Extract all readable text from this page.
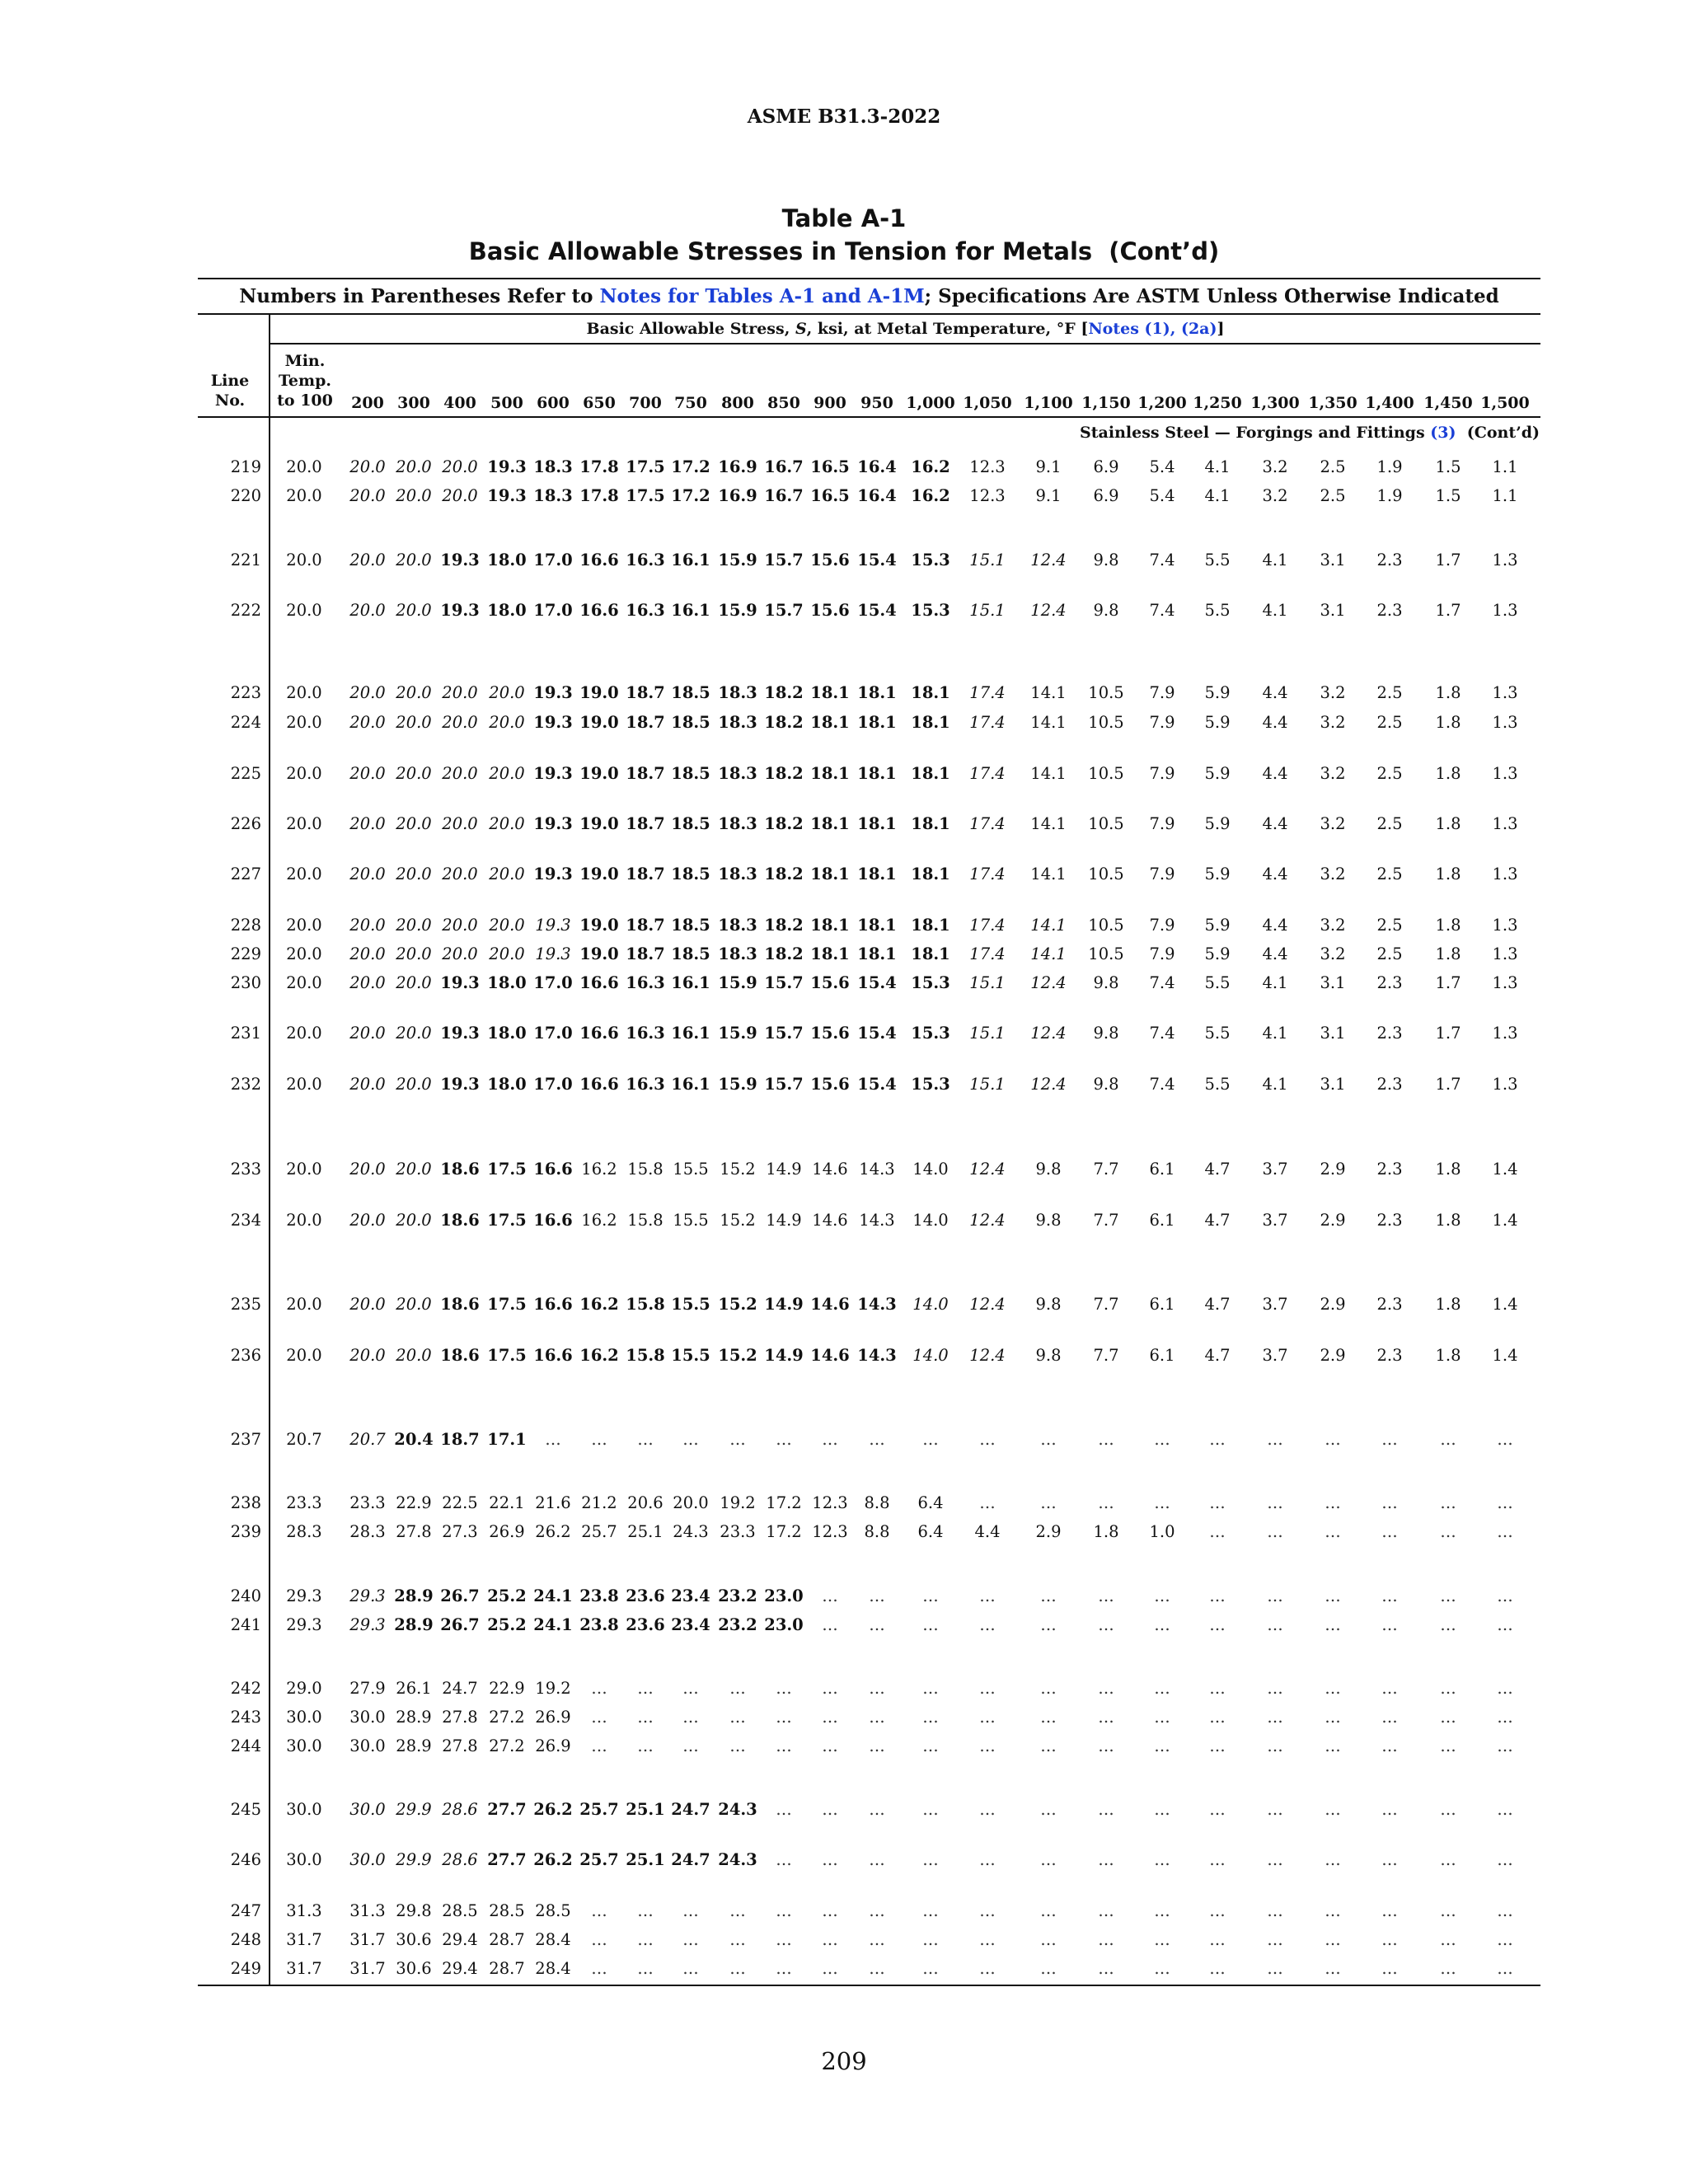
ASME B31.3-2022
Table A-1
Basic Allowable Stresses in Tension for Metals (Cont’d)
Numbers in Parentheses Refer to Notes for Tables A-1 and A-1M; Specifications Are ASTM Unless Otherwise Indicated
Basic Allowable Stress, S, ksi, at Metal Temperature, °F [Notes (1), (2a)]
Line
No.
Min.
Temp.
to 100	200 300 400 500 600 650 700 750 800 850 900 950 1,000 1,050 1,100 1,150 1,200 1,250 1,300 1,350 1,400 1,450 1,500
Stainless Steel — Forgings and Fittings (3) (Cont’d)
219 20.0 20.0 20.0 20.0 19.3 18.3 17.8 17.5 17.2 16.9 16.7 16.5 16.4 16.2 12.3 9.1 6.9 5.4 4.1 3.2 2.5 1.9 1.5 1.1
220 20.0 20.0 20.0 20.0 19.3 18.3 17.8 17.5 17.2 16.9 16.7 16.5 16.4 16.2 12.3 9.1 6.9 5.4 4.1 3.2 2.5 1.9 1.5 1.1
221 20.0 20.0 20.0 19.3 18.0 17.0 16.6 16.3 16.1 15.9 15.7 15.6 15.4 15.3 15.1 12.4 9.8 7.4 5.5 4.1 3.1 2.3 1.7 1.3
222 20.0 20.0 20.0 19.3 18.0 17.0 16.6 16.3 16.1 15.9 15.7 15.6 15.4 15.3 15.1 12.4 9.8 7.4 5.5 4.1 3.1 2.3 1.7 1.3
223 20.0 20.0 20.0 20.0 20.0 19.3 19.0 18.7 18.5 18.3 18.2 18.1 18.1 18.1 17.4 14.1 10.5 7.9 5.9 4.4 3.2 2.5 1.8 1.3
224 20.0 20.0 20.0 20.0 20.0 19.3 19.0 18.7 18.5 18.3 18.2 18.1 18.1 18.1 17.4 14.1 10.5 7.9 5.9 4.4 3.2 2.5 1.8 1.3
225 20.0 20.0 20.0 20.0 20.0 19.3 19.0 18.7 18.5 18.3 18.2 18.1 18.1 18.1 17.4 14.1 10.5 7.9 5.9 4.4 3.2 2.5 1.8 1.3
226 20.0 20.0 20.0 20.0 20.0 19.3 19.0 18.7 18.5 18.3 18.2 18.1 18.1 18.1 17.4 14.1 10.5 7.9 5.9 4.4 3.2 2.5 1.8 1.3
227 20.0 20.0 20.0 20.0 20.0 19.3 19.0 18.7 18.5 18.3 18.2 18.1 18.1 18.1 17.4 14.1 10.5 7.9 5.9 4.4 3.2 2.5 1.8 1.3
228 20.0 20.0 20.0 20.0 20.0 19.3 19.0 18.7 18.5 18.3 18.2 18.1 18.1 18.1 17.4 14.1 10.5 7.9 5.9 4.4 3.2 2.5 1.8 1.3
229 20.0 20.0 20.0 20.0 20.0 19.3 19.0 18.7 18.5 18.3 18.2 18.1 18.1 18.1 17.4 14.1 10.5 7.9 5.9 4.4 3.2 2.5 1.8 1.3
230 20.0 20.0 20.0 19.3 18.0 17.0 16.6 16.3 16.1 15.9 15.7 15.6 15.4 15.3 15.1 12.4 9.8 7.4 5.5 4.1 3.1 2.3 1.7 1.3
231 20.0 20.0 20.0 19.3 18.0 17.0 16.6 16.3 16.1 15.9 15.7 15.6 15.4 15.3 15.1 12.4 9.8 7.4 5.5 4.1 3.1 2.3 1.7 1.3
232 20.0 20.0 20.0 19.3 18.0 17.0 16.6 16.3 16.1 15.9 15.7 15.6 15.4 15.3 15.1 12.4 9.8 7.4 5.5 4.1 3.1 2.3 1.7 1.3
233 20.0 20.0 20.0 18.6 17.5 16.6 16.2 15.8 15.5 15.2 14.9 14.6 14.3 14.0 12.4 9.8 7.7 6.1 4.7 3.7 2.9 2.3 1.8 1.4
234 20.0 20.0 20.0 18.6 17.5 16.6 16.2 15.8 15.5 15.2 14.9 14.6 14.3 14.0 12.4 9.8 7.7 6.1 4.7 3.7 2.9 2.3 1.8 1.4
235 20.0 20.0 20.0 18.6 17.5 16.6 16.2 15.8 15.5 15.2 14.9 14.6 14.3 14.0 12.4 9.8 7.7 6.1 4.7 3.7 2.9 2.3 1.8 1.4
236 20.0 20.0 20.0 18.6 17.5 16.6 16.2 15.8 15.5 15.2 14.9 14.6 14.3 14.0 12.4 9.8 7.7 6.1 4.7 3.7 2.9 2.3 1.8 1.4
237 20.7 20.7 20.4 18.7 17.1 … … … … … … … … …	…	…	… … …	…	…	…	…	…
238 23.3 23.3 22.9 22.5 22.1 21.6 21.2 20.6 20.0 19.2 17.2 12.3 8.8 6.4 …	…	… … …	…	…	…	…	…
239 28.3 28.3 27.8 27.3 26.9 26.2 25.7 25.1 24.3 23.3 17.2 12.3 8.8 6.4 4.4 2.9 1.8 1.0 …	…	…	…	…	…
240 29.3 29.3 28.9 26.7 25.2 24.1 23.8 23.6 23.4 23.2 23.0 … … …	…	…	… … …	…	…	…	…	…
241 29.3 29.3 28.9 26.7 25.2 24.1 23.8 23.6 23.4 23.2 23.0 … … …	…	…	… … …	…	…	…	…	…
242 29.0 27.9 26.1 24.7 22.9 19.2 … … … … … … … …	…	…	… … …	…	…	…	…	…
243 30.0 30.0 28.9 27.8 27.2 26.9 … … … … … … … …	…	…	… … …	…	…	…	…	…
244 30.0 30.0 28.9 27.8 27.2 26.9 … … … … … … … …	…	…	… … …	…	…	…	…	…
245 30.0 30.0 29.9 28.6 27.7 26.2 25.7 25.1 24.7 24.3 … … … …	…	…	… … …	…	…	…	…	…
246 30.0 30.0 29.9 28.6 27.7 26.2 25.7 25.1 24.7 24.3 … … … …	…	…	… … …	…	…	…	…	…
247 31.3 31.3 29.8 28.5 28.5 28.5 … … … … … … … …	…	…	… … …	…	…	…	…	…
248 31.7 31.7 30.6 29.4 28.7 28.4 … … … … … … … …	…	…	… … …	…	…	…	…	…
249 31.7 31.7 30.6 29.4 28.7 28.4 … … … … … … … …	…	…	… … …	…	…	…	…	…
209
